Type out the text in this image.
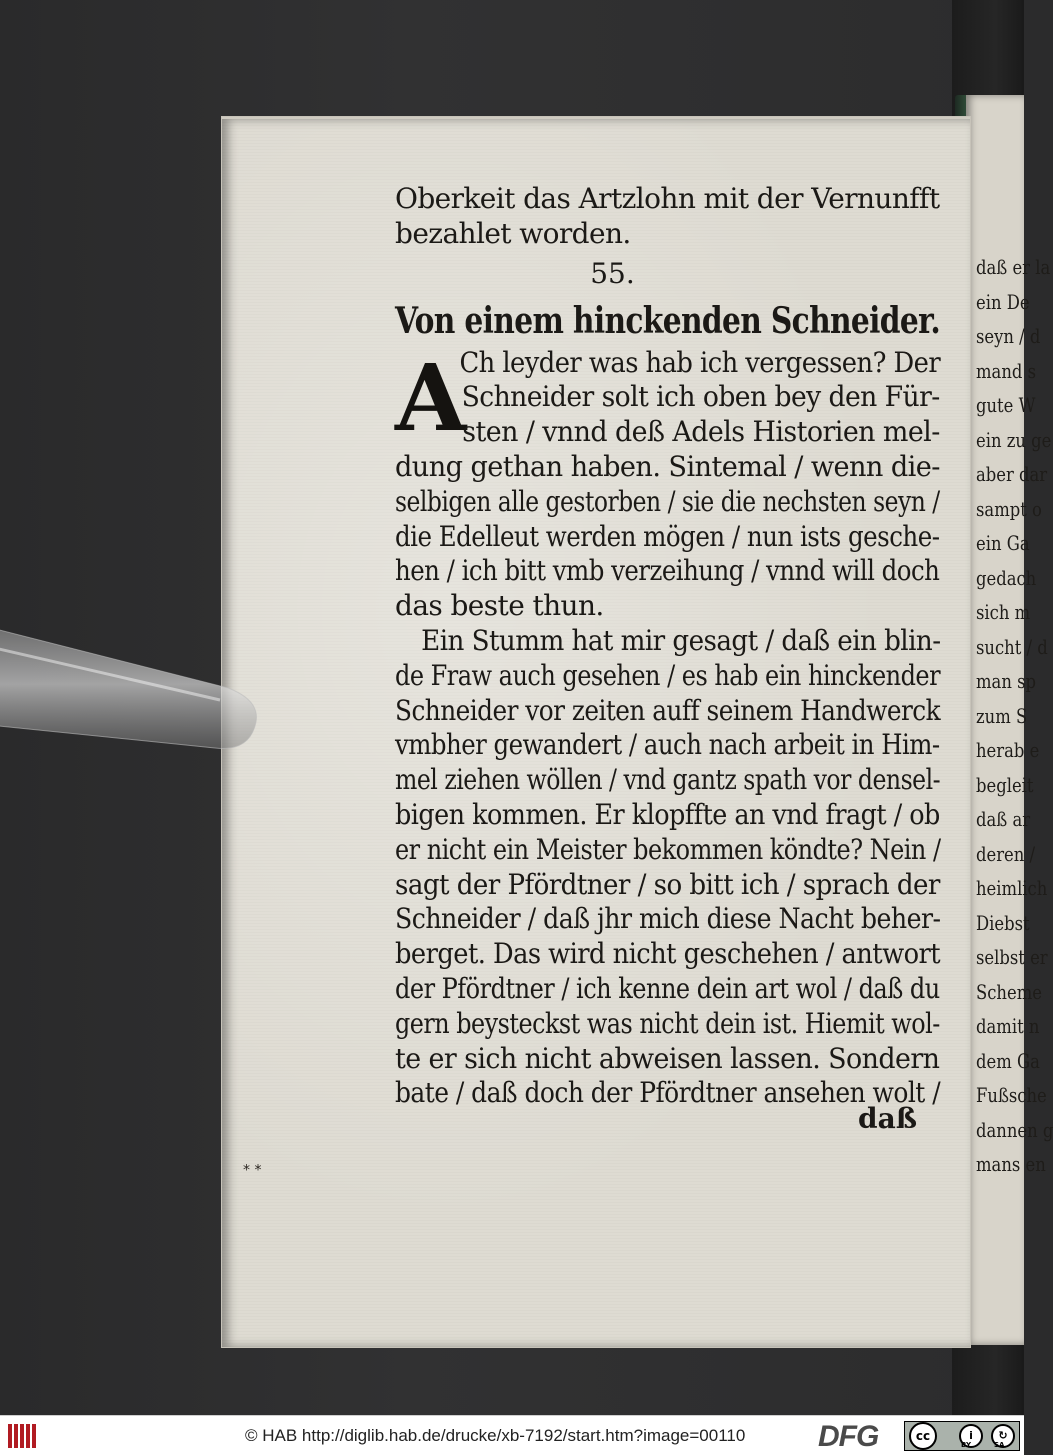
daß er la
ein De
seyn / d
mand s
gute W
ein zu ge
aber dar
sampt o
ein Ga
gedach
sich m
sucht / d
man sp
zum S
herab e
begleit
daß ar
deren /
heimlich
Diebst
selbst er
Scheme
damit n
dem Ga
Fußsche
dannen g
mans en
Oberkeit das Artzlohn mit der Vernunfft
bezahlet worden.
55.
Von einem hinckenden Schneider.
A
Ch leyder was hab ich vergessen? Der
Schneider solt ich oben bey den Für-
sten / vnnd deß Adels Historien mel-
dung gethan haben. Sintemal / wenn die-
selbigen alle gestorben / sie die nechsten seyn /
die Edelleut werden mögen / nun ists gesche-
hen / ich bitt vmb verzeihung / vnnd will doch
das beste thun.
Ein Stumm hat mir gesagt / daß ein blin-
de Fraw auch gesehen / es hab ein hinckender
Schneider vor zeiten auff seinem Handwerck
vmbher gewandert / auch nach arbeit in Him-
mel ziehen wöllen / vnd gantz spath vor densel-
bigen kommen. Er klopffte an vnd fragt / ob
er nicht ein Meister bekommen köndte? Nein /
sagt der Pfördtner / so bitt ich / sprach der
Schneider / daß jhr mich diese Nacht beher-
berget. Das wird nicht geschehen / antwort
der Pfördtner / ich kenne dein art wol / daß du
gern beysteckst was nicht dein ist. Hiemit wol-
te er sich nicht abweisen lassen. Sondern
bate / daß doch der Pfördtner ansehen wolt /
daß
⁎ ⁎
© HAB http://diglib.hab.de/drucke/xb-7192/start.htm?image=00110 DFG	cc	i	↻
BY	SA
